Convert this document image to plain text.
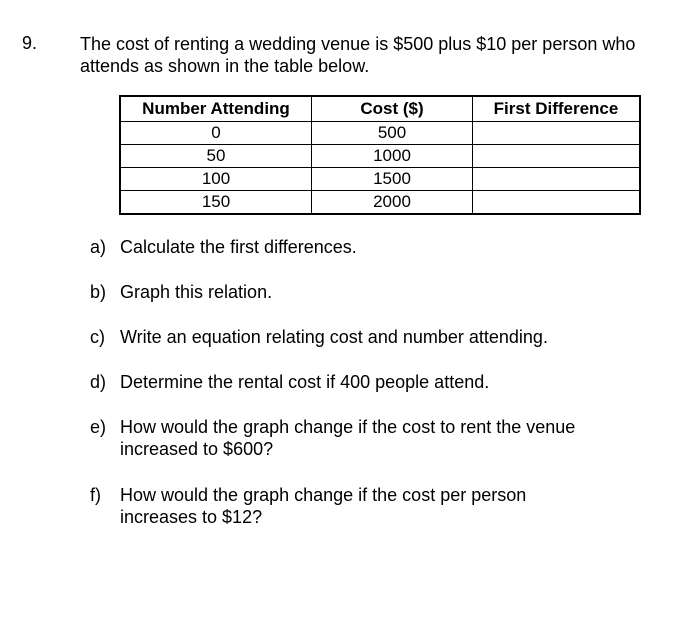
9. The cost of renting a wedding venue is $500 plus $10 per person who attends as shown in the table below.
Number Attending	Cost ($)	First Difference
0	500	
50	1000	
100	1500	
150	2000	
a) Calculate the first differences.
b) Graph this relation.
c) Write an equation relating cost and number attending.
d) Determine the rental cost if 400 people attend.
e) How would the graph change if the cost to rent the venue increased to $600?
f) How would the graph change if the cost per person increases to $12?
